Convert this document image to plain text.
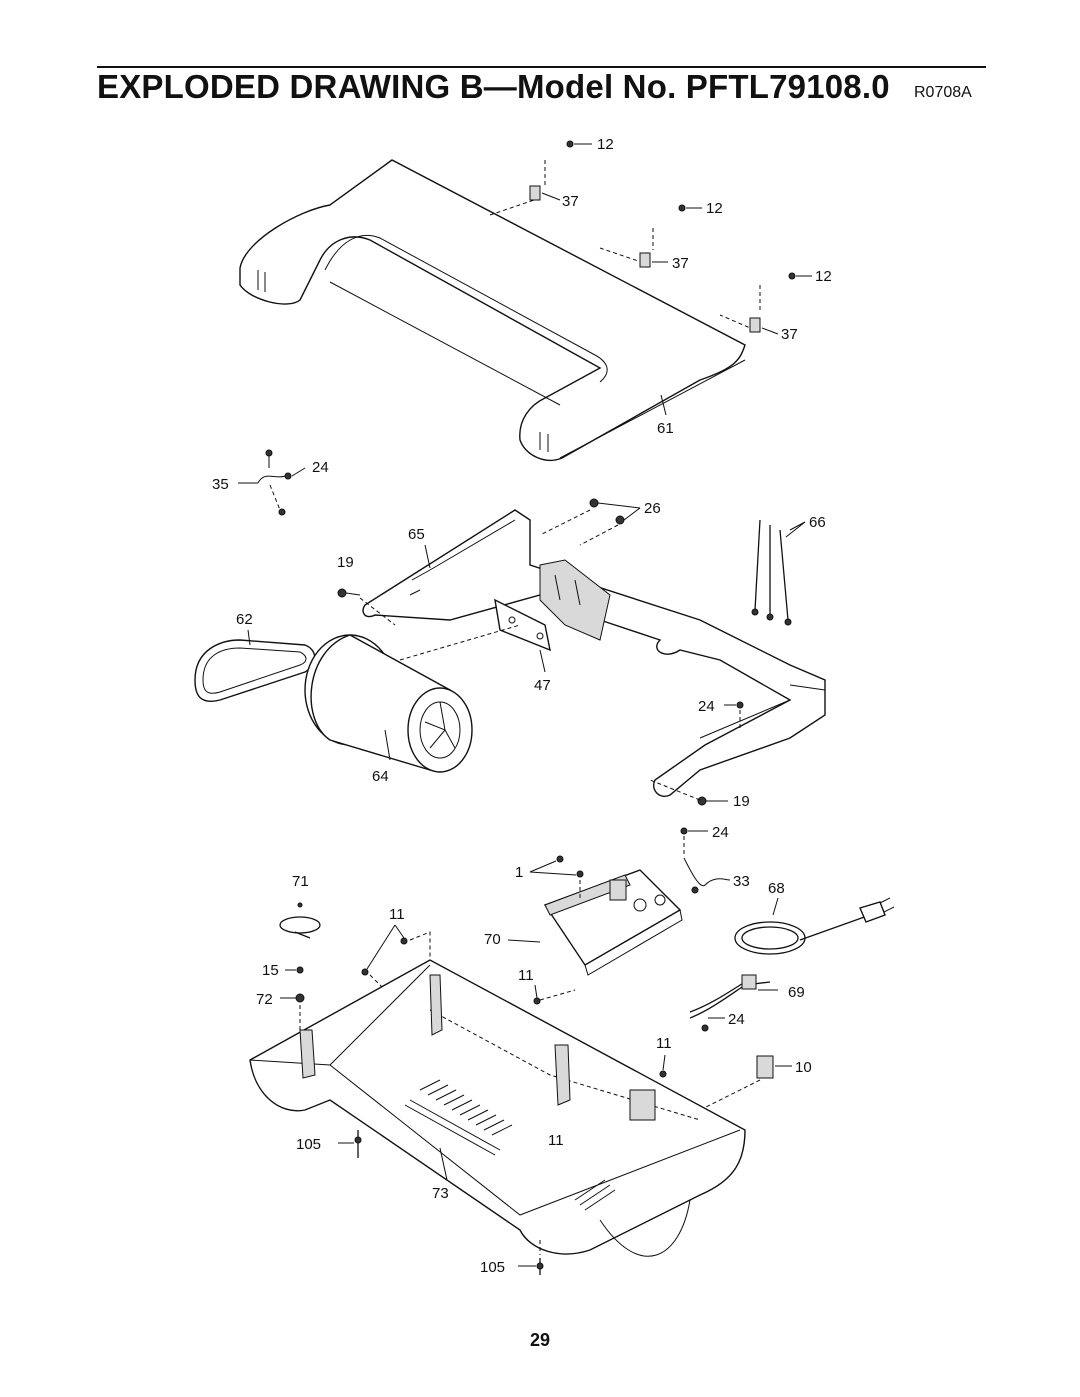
EXPLODED DRAWING B—Model No. PFTL79108.0 R0708A
12
37	12
37
12
37
61
24
35
26
66
65
19
62
47
24
64
19
24
1
33 68
71
11
70
15	11
72	69
24
11
10
105	11
73
105
29
